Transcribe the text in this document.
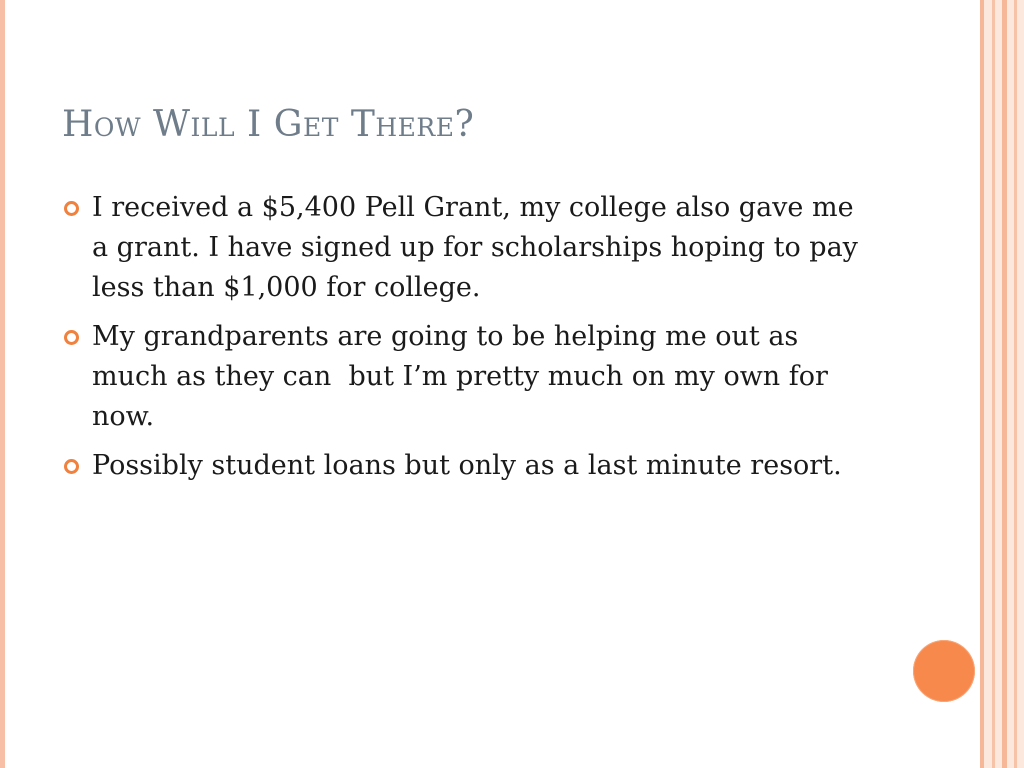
How Will I Get There?
I received a $5,400 Pell Grant, my college also gave me a grant. I have signed up for scholarships hoping to pay less than $1,000 for college.
My grandparents are going to be helping me out as much as they can  but I’m pretty much on my own for now.
Possibly student loans but only as a last minute resort.
